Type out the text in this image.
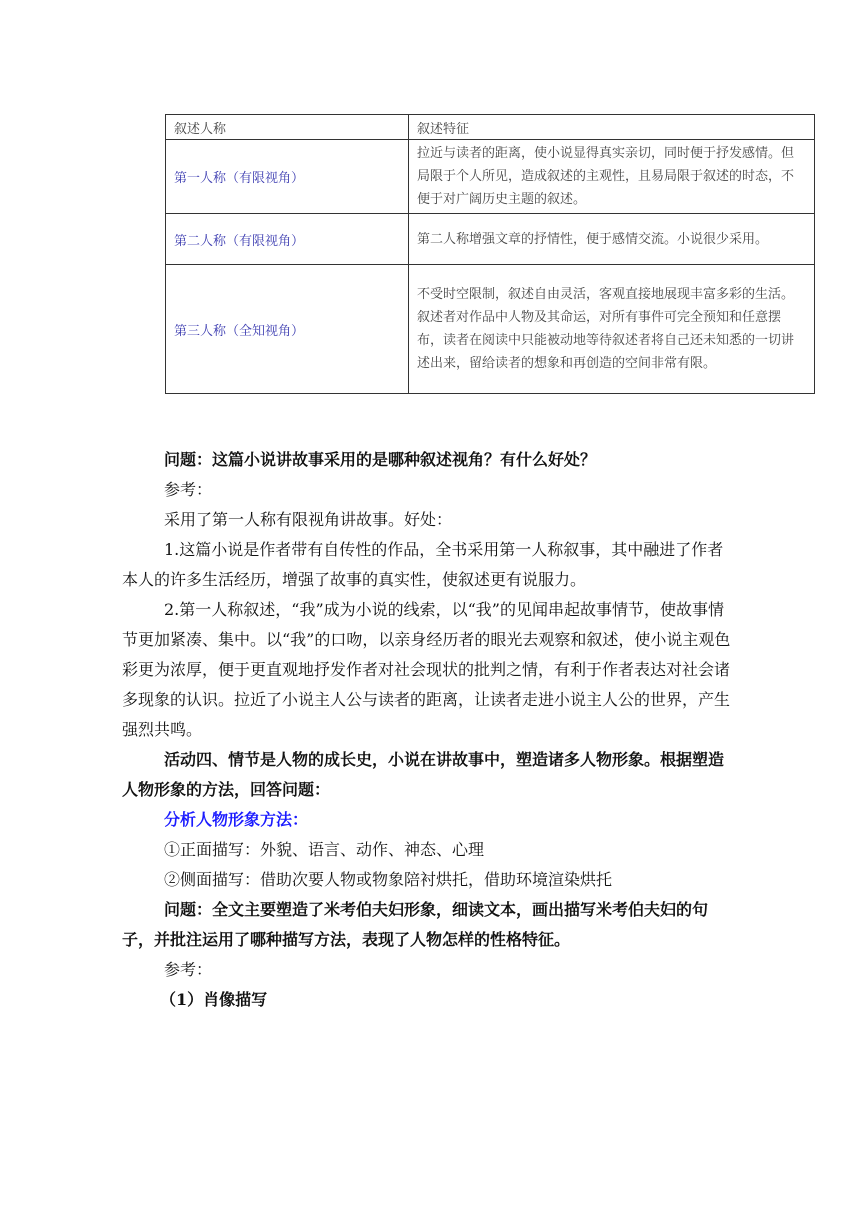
叙述人称	叙述特征
第一人称（有限视角）	拉近与读者的距离，使小说显得真实亲切，同时便于抒发感情。但
局限于个人所见，造成叙述的主观性，且易局限于叙述的时态，不便于对广阔历史主题的叙述。

第二人称（有限视角）	第二人称增强文章的抒情性，便于感情交流。小说很少采用。

第三人称（全知视角）	不受时空限制，叙述自由灵活，客观直接地展现丰富多彩的生活。叙述者对作品中人物及其命运，对所有事件可完全预知和任意摆布，读者在阅读中只能被动地等待叙述者将自己还未知悉的一切讲述出来，留给读者的想象和再创造的空间非常有限。

问题：这篇小说讲故事采用的是哪种叙述视角？有什么好处？

参考：

采用了第一人称有限视角讲故事。好处：

1.这篇小说是作者带有自传性的作品，全书采用第一人称叙事，其中融进了作者本人的许多生活经历，增强了故事的真实性，使叙述更有说服力。

2.第一人称叙述，“我”成为小说的线索，以“我”的见闻串起故事情节，使故事情节更加紧凑、集中。以“我”的口吻，以亲身经历者的眼光去观察和叙述，使小说主观色彩更为浓厚，便于更直观地抒发作者对社会现状的批判之情，有利于作者表达对社会诸多现象的认识。拉近了小说主人公与读者的距离，让读者走进小说主人公的世界，产生强烈共鸣。

活动四、情节是人物的成长史，小说在讲故事中，塑造诸多人物形象。根据塑造人物形象的方法，回答问题：

分析人物形象方法：

①正面描写：外貌、语言、动作、神态、心理

②侧面描写：借助次要人物或物象陪衬烘托，借助环境渲染烘托

问题：全文主要塑造了米考伯夫妇形象，细读文本，画出描写米考伯夫妇的句子，并批注运用了哪种描写方法，表现了人物怎样的性格特征。

参考：

（1）肖像描写
